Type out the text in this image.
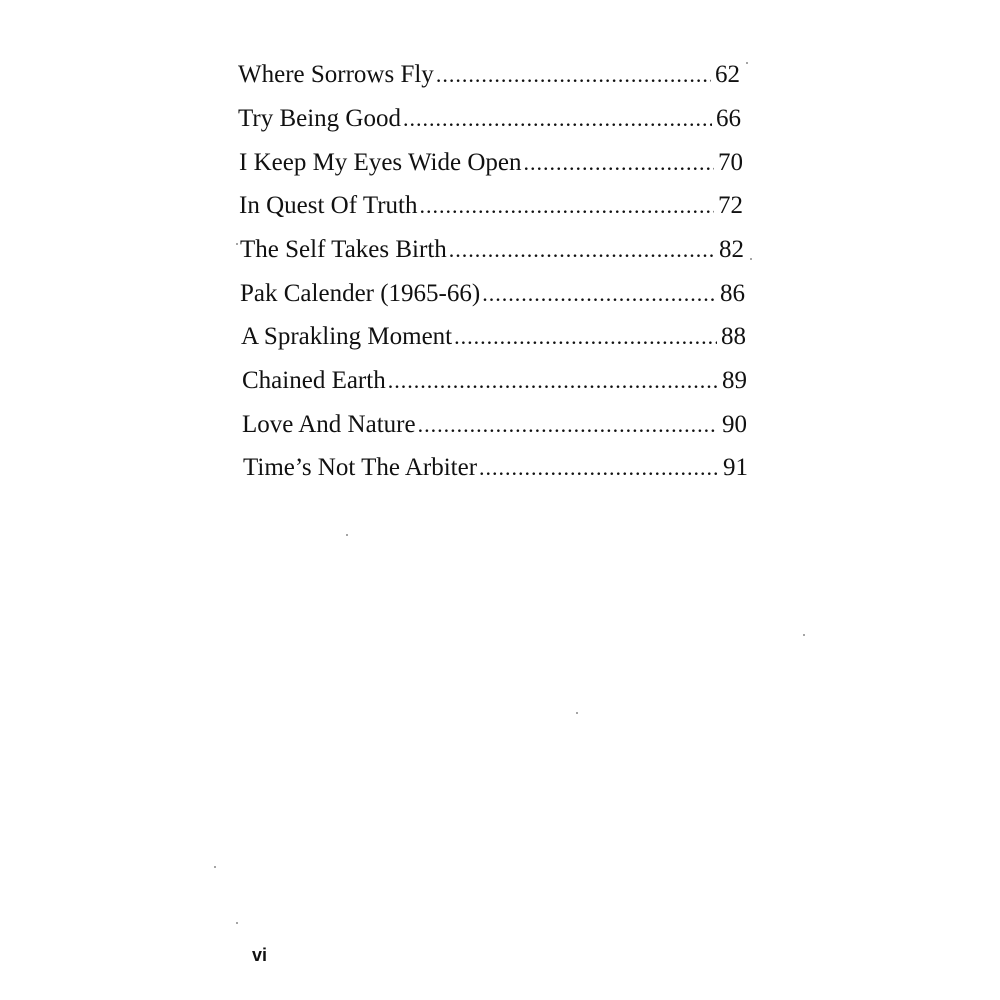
Where Sorrows Fly .....	62
Try Being Good .....	66
I Keep My Eyes Wide Open .....	70
In Quest Of Truth .....	72
The Self Takes Birth .....	82
Pak Calender (1965-66) .....	86
A Sprakling Moment .....	88
Chained Earth .....	89
Love And Nature .....	90
Time’s Not The Arbiter .....	91
vi
